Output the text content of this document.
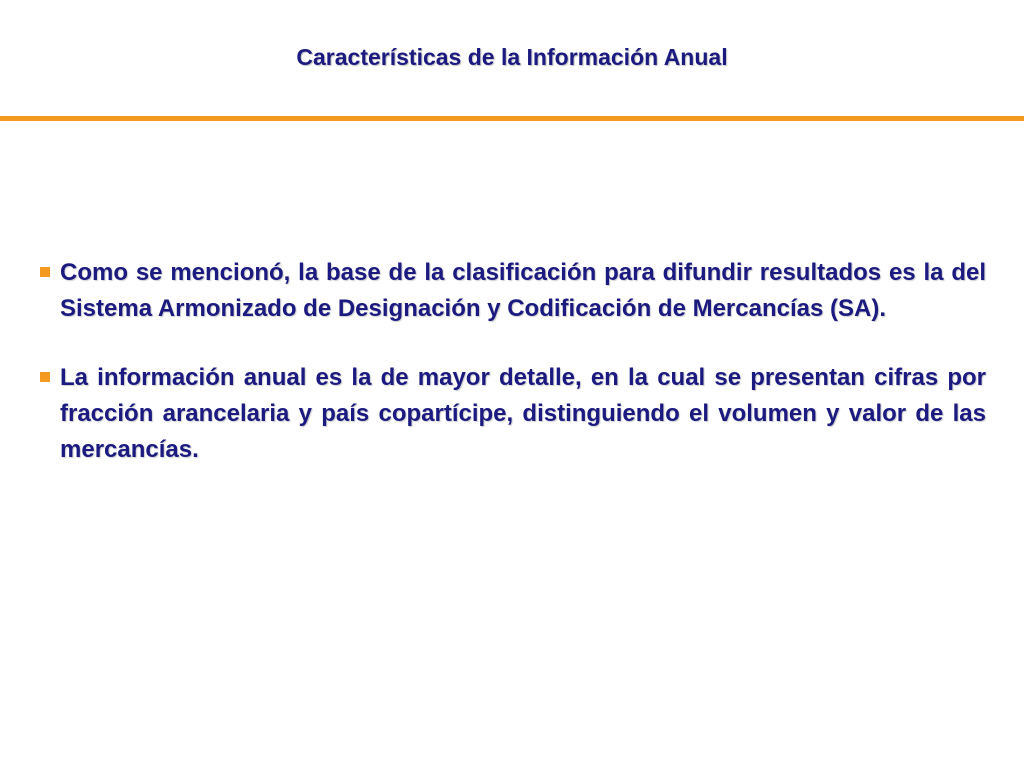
Características de la Información Anual
Como se mencionó, la base de la clasificación para difundir resultados es la del Sistema Armonizado de Designación y Codificación de Mercancías (SA).
La información anual es la de mayor detalle, en la cual se presentan cifras por fracción arancelaria y país copartícipe, distinguiendo el volumen y valor de las mercancías.
